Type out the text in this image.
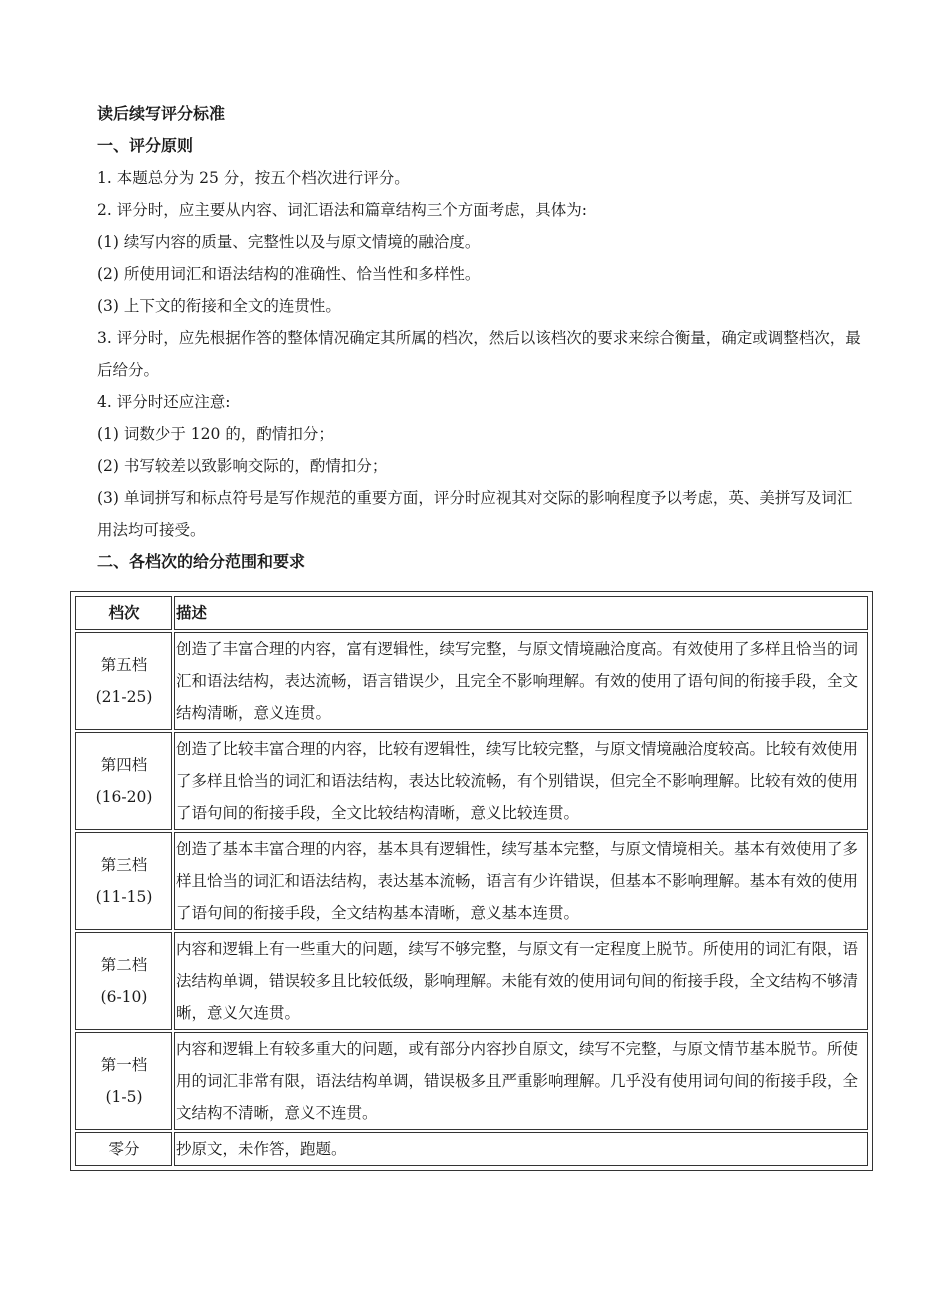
读后续写评分标准

一、评分原则

1. 本题总分为 25 分，按五个档次进行评分。

2. 评分时，应主要从内容、词汇语法和篇章结构三个方面考虑，具体为:

(1) 续写内容的质量、完整性以及与原文情境的融洽度。

(2) 所使用词汇和语法结构的准确性、恰当性和多样性。

(3) 上下文的衔接和全文的连贯性。

3. 评分时，应先根据作答的整体情况确定其所属的档次，然后以该档次的要求来综合衡量，确定或调整档次，最后给分。

4. 评分时还应注意:

(1) 词数少于 120 的，酌情扣分；

(2) 书写较差以致影响交际的，酌情扣分；

(3) 单词拼写和标点符号是写作规范的重要方面，评分时应视其对交际的影响程度予以考虑，英、美拼写及词汇用法均可接受。

二、各档次的给分范围和要求

档次	描述

第五档
(21-25)	创造了丰富合理的内容，富有逻辑性，续写完整，与原文情境融洽度高。有效使用了多样且恰当的词汇和语法结构，表达流畅，语言错误少，且完全不影响理解。有效的使用了语句间的衔接手段，全文结构清晰，意义连贯。

第四档
(16-20)	创造了比较丰富合理的内容，比较有逻辑性，续写比较完整，与原文情境融洽度较高。比较有效使用了多样且恰当的词汇和语法结构，表达比较流畅，有个别错误，但完全不影响理解。比较有效的使用了语句间的衔接手段，全文比较结构清晰，意义比较连贯。

第三档
(11-15)	创造了基本丰富合理的内容，基本具有逻辑性，续写基本完整，与原文情境相关。基本有效使用了多样且恰当的词汇和语法结构，表达基本流畅，语言有少许错误，但基本不影响理解。基本有效的使用了语句间的衔接手段，全文结构基本清晰，意义基本连贯。

第二档
(6-10)	内容和逻辑上有一些重大的问题，续写不够完整，与原文有一定程度上脱节。所使用的词汇有限，语法结构单调，错误较多且比较低级，影响理解。未能有效的使用词句间的衔接手段，全文结构不够清晰，意义欠连贯。

第一档
(1-5)	内容和逻辑上有较多重大的问题，或有部分内容抄自原文，续写不完整，与原文情节基本脱节。所使用的词汇非常有限，语法结构单调，错误极多且严重影响理解。几乎没有使用词句间的衔接手段，全文结构不清晰，意义不连贯。
零分	抄原文，未作答，跑题。
